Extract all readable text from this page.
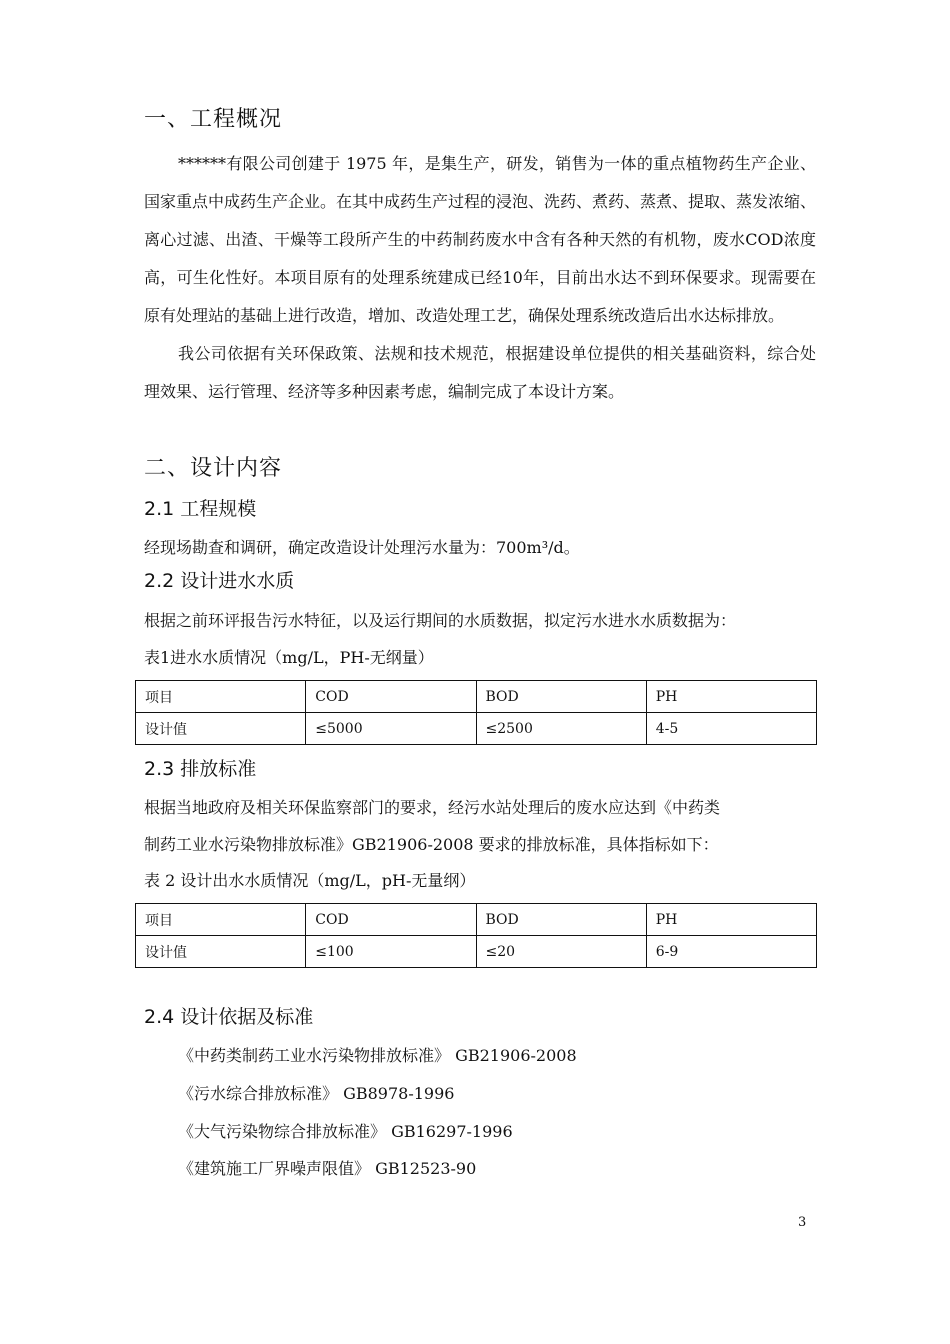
一、工程概况

******有限公司创建于 1975 年，是集生产，研发，销售为一体的重点植物药生产企业、国家重点中成药生产企业。在其中成药生产过程的浸泡、洗药、煮药、蒸煮、提取、蒸发浓缩、离心过滤、出渣、干燥等工段所产生的中药制药废水中含有各种天然的有机物，废水COD浓度高，可生化性好。本项目原有的处理系统建成已经10年，目前出水达不到环保要求。现需要在原有处理站的基础上进行改造，增加、改造处理工艺，确保处理系统改造后出水达标排放。

我公司依据有关环保政策、法规和技术规范，根据建设单位提供的相关基础资料，综合处理效果、运行管理、经济等多种因素考虑，编制完成了本设计方案。

二、设计内容
2.1 工程规模
经现场勘查和调研，确定改造设计处理污水量为：700m³/d。
2.2 设计进水水质
根据之前环评报告污水特征，以及运行期间的水质数据，拟定污水进水水质数据为：
表1进水水质情况（mg/L，PH-无纲量）
项目	COD	BOD	PH
设计值	≤5000	≤2500	4-5
2.3 排放标准
根据当地政府及相关环保监察部门的要求，经污水站处理后的废水应达到《中药类
制药工业水污染物排放标准》GB21906-2008 要求的排放标准，具体指标如下：
表 2 设计出水水质情况（mg/L，pH-无量纲）
项目	COD	BOD	PH
设计值	≤100	≤20	6-9
2.4 设计依据及标准
《中药类制药工业水污染物排放标准》 GB21906-2008
《污水综合排放标准》 GB8978-1996
《大气污染物综合排放标准》 GB16297-1996
《建筑施工厂界噪声限值》 GB12523-90
3
